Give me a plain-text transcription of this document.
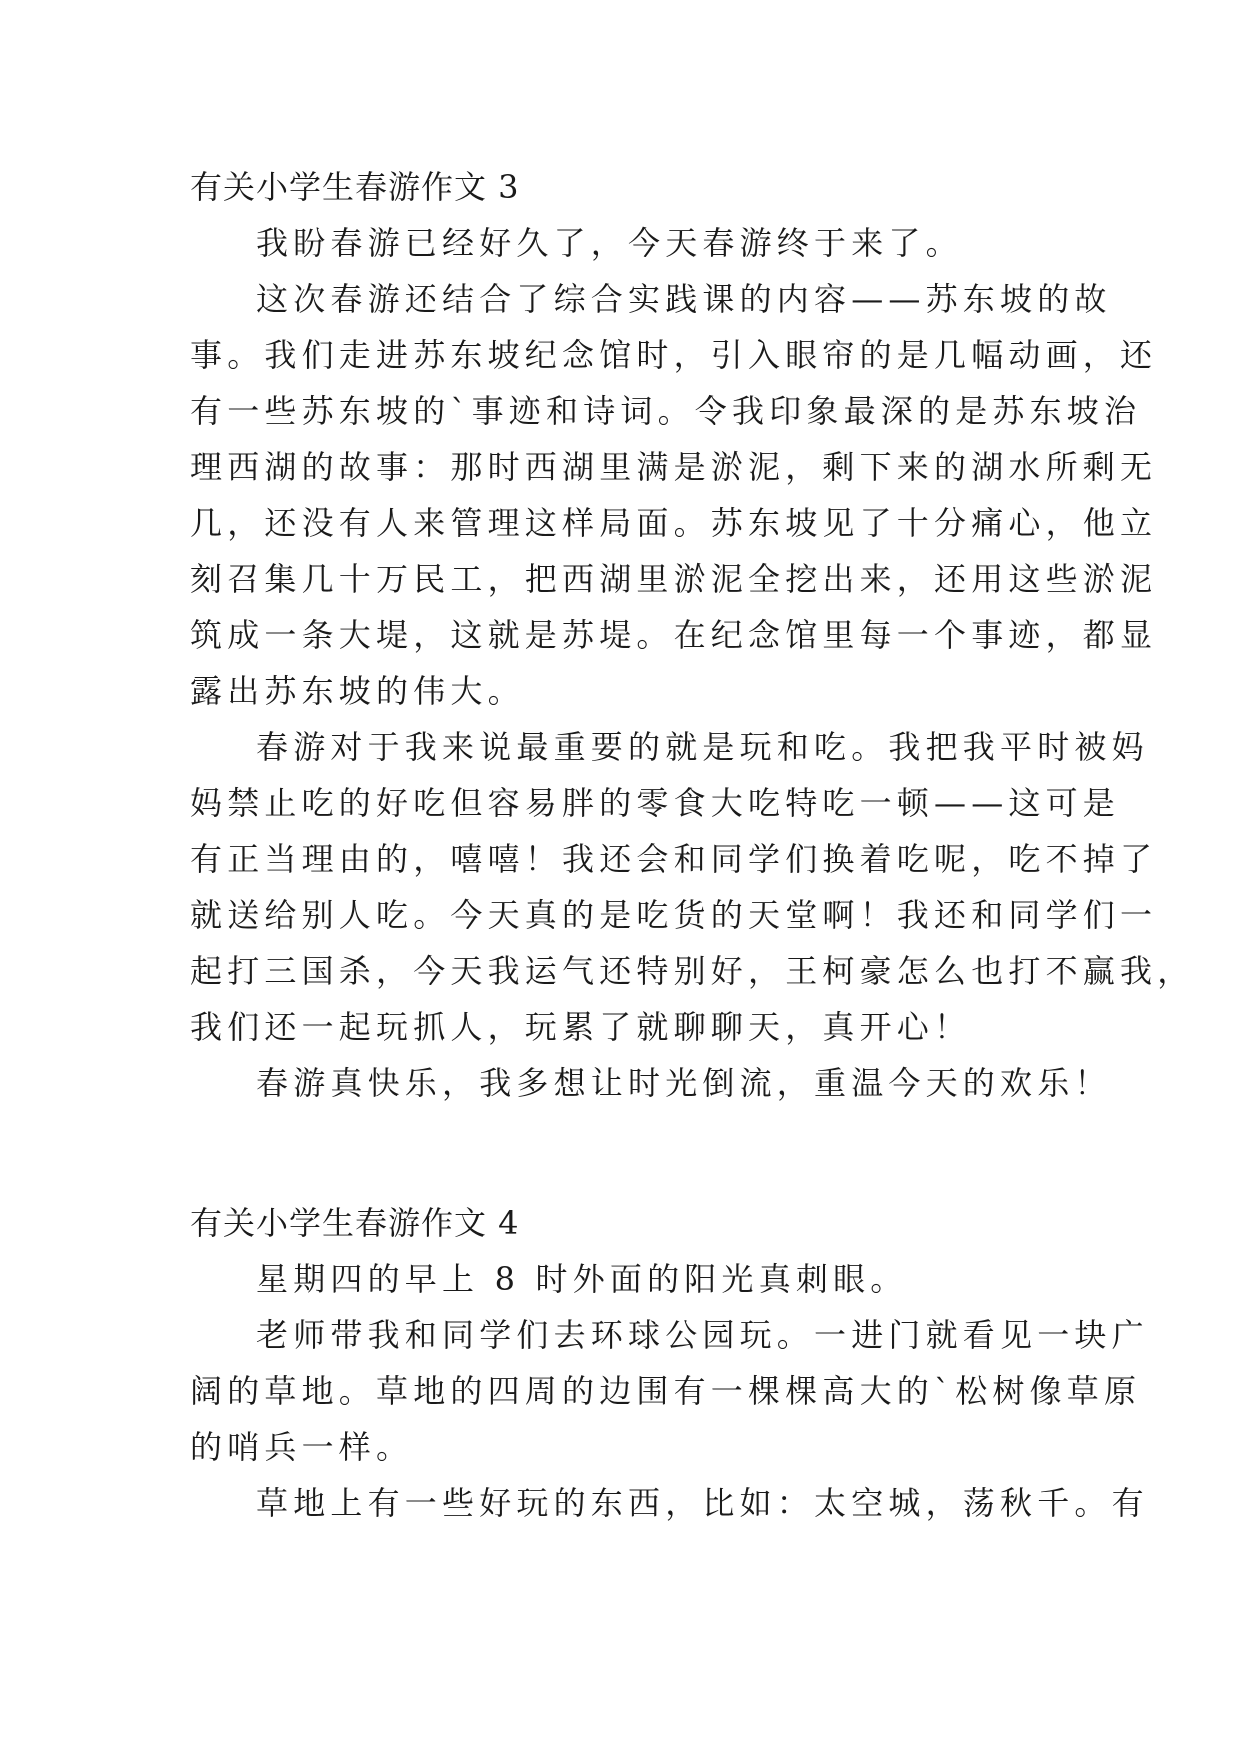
有关小学生春游作文 3
我盼春游已经好久了，今天春游终于来了。
这次春游还结合了综合实践课的内容——苏东坡的故
事。我们走进苏东坡纪念馆时，引入眼帘的是几幅动画，还
有一些苏东坡的`事迹和诗词。令我印象最深的是苏东坡治
理西湖的故事：那时西湖里满是淤泥，剩下来的湖水所剩无
几，还没有人来管理这样局面。苏东坡见了十分痛心，他立
刻召集几十万民工，把西湖里淤泥全挖出来，还用这些淤泥
筑成一条大堤，这就是苏堤。在纪念馆里每一个事迹，都显
露出苏东坡的伟大。
春游对于我来说最重要的就是玩和吃。我把我平时被妈
妈禁止吃的好吃但容易胖的零食大吃特吃一顿——这可是
有正当理由的，嘻嘻！我还会和同学们换着吃呢，吃不掉了
就送给别人吃。今天真的是吃货的天堂啊！我还和同学们一
起打三国杀，今天我运气还特别好，王柯豪怎么也打不赢我，
我们还一起玩抓人，玩累了就聊聊天，真开心！
春游真快乐，我多想让时光倒流，重温今天的欢乐！
有关小学生春游作文 4
星期四的早上 8 时外面的阳光真刺眼。
老师带我和同学们去环球公园玩。一进门就看见一块广
阔的草地。草地的四周的边围有一棵棵高大的`松树像草原
的哨兵一样。
草地上有一些好玩的东西，比如：太空城，荡秋千。有
